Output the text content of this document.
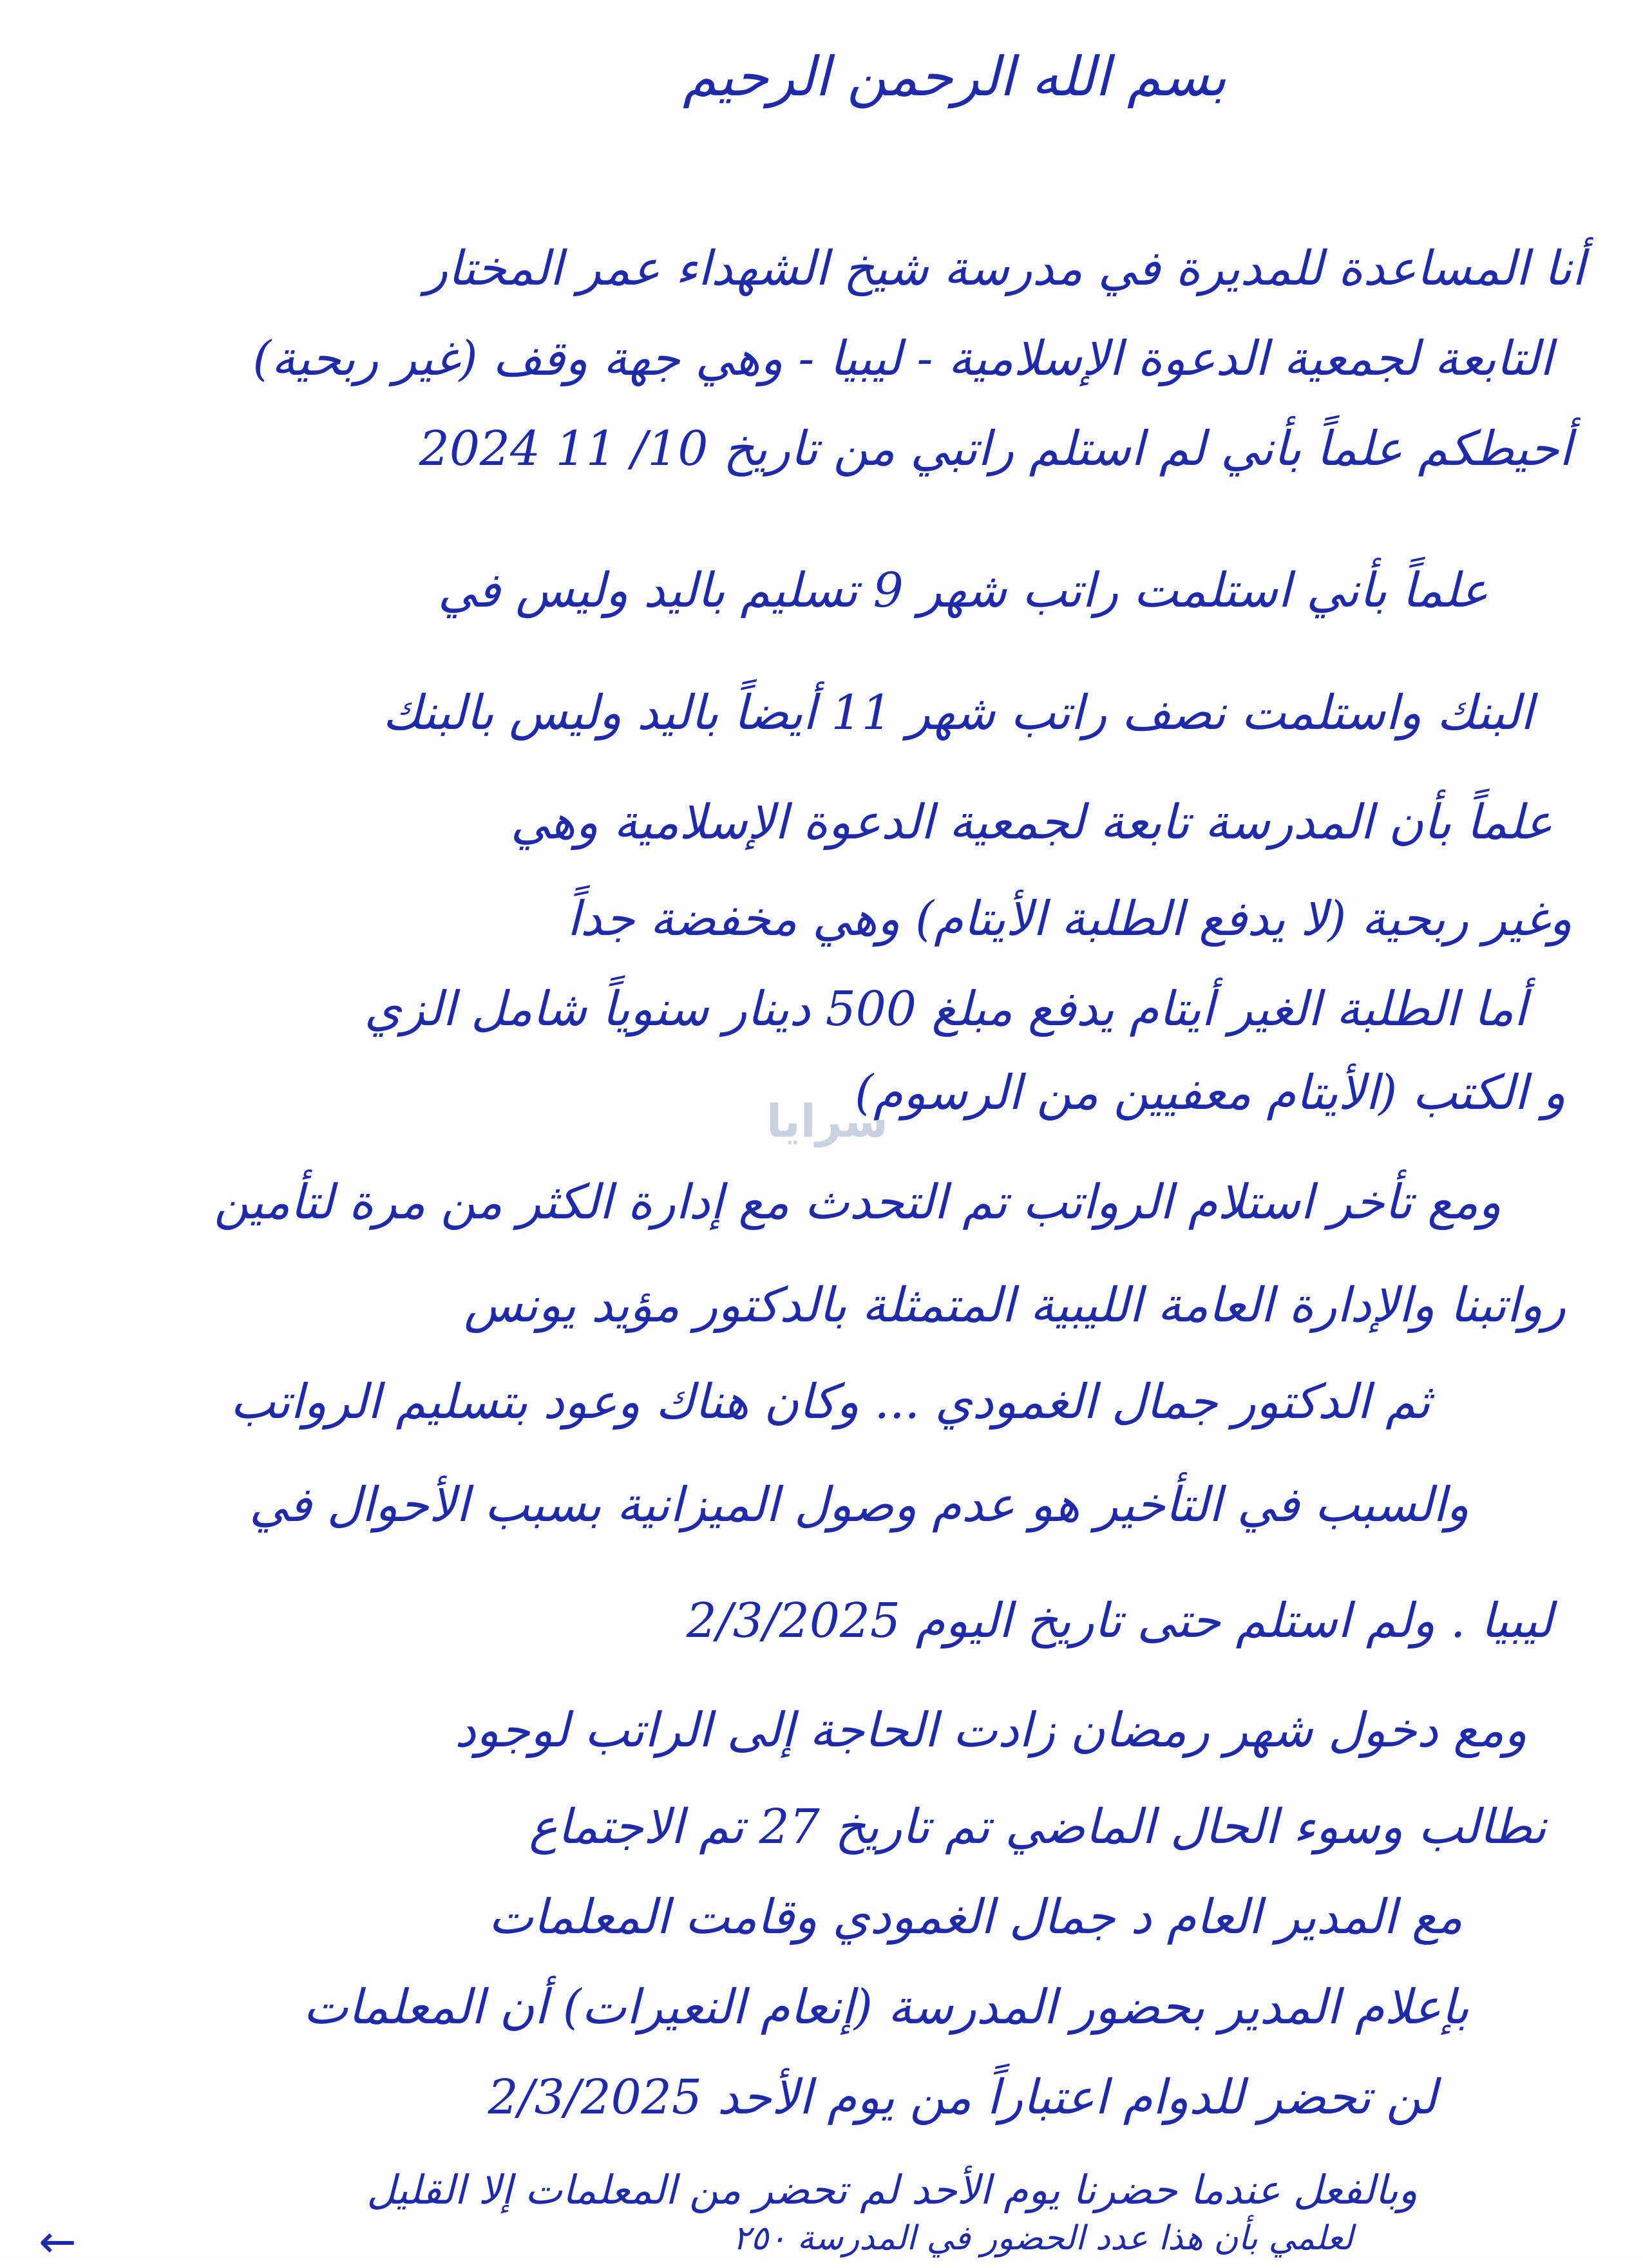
بسم الله الرحمن الرحيم
أنا المساعدة للمديرة في مدرسة شيخ الشهداء عمر المختار
التابعة لجمعية الدعوة الإسلامية - ليبيا - وهي جهة وقف (غير ربحية)
أحيطكم علماً بأني لم استلم راتبي من تاريخ 10/ 11 2024
علماً بأني استلمت راتب شهر 9 تسليم باليد وليس في
البنك واستلمت نصف راتب شهر 11 أيضاً باليد وليس بالبنك
علماً بأن المدرسة تابعة لجمعية الدعوة الإسلامية وهي
وغير ربحية (لا يدفع الطلبة الأيتام) وهي مخفضة جداً
أما الطلبة الغير أيتام يدفع مبلغ 500 دينار سنوياً شامل الزي
و الكتب (الأيتام معفيين من الرسوم)
ومع تأخر استلام الرواتب تم التحدث مع إدارة الكثر من مرة لتأمين
رواتبنا والإدارة العامة الليبية المتمثلة بالدكتور مؤيد يونس
ثم الدكتور جمال الغمودي ... وكان هناك وعود بتسليم الرواتب
والسبب في التأخير هو عدم وصول الميزانية بسبب الأحوال في
ليبيا . ولم استلم حتى تاريخ اليوم 2/3/2025
ومع دخول شهر رمضان زادت الحاجة إلى الراتب لوجود
نطالب وسوء الحال الماضي تم تاريخ 27 تم الاجتماع
مع المدير العام د جمال الغمودي وقامت المعلمات
بإعلام المدير بحضور المدرسة (إنعام النعيرات) أن المعلمات
لن تحضر للدوام اعتباراً من يوم الأحد 2/3/2025
وبالفعل عندما حضرنا يوم الأحد لم تحضر من المعلمات إلا القليل
لعلمي بأن هذا عدد الحضور في المدرسة ٢٥٠
سرايا
←
